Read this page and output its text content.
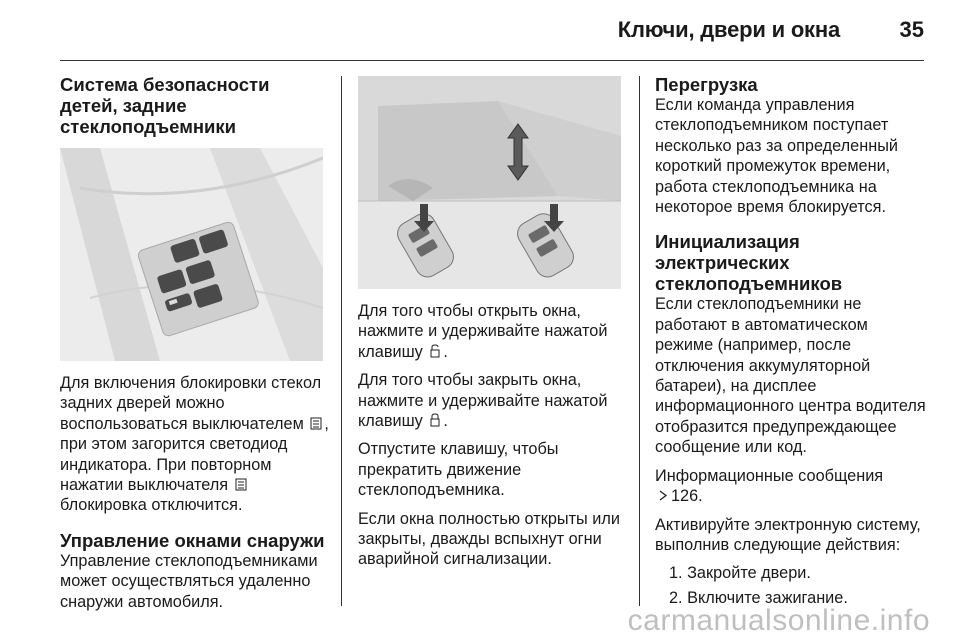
Ключи, двери и окна	35
Система безопасности детей, задние стеклоподъемники

Для включения блокировки стекол задних дверей можно воспользоваться выключателем , при этом загорится светодиод индикатора. При повторном нажатии выключателя  блокировка отключится.

Управление окнами снаружи

Управление стеклоподъемниками может осуществляться удаленно снаружи автомобиля.

Для того чтобы открыть окна, нажмите и удерживайте нажатой клавишу .

Для того чтобы закрыть окна, нажмите и удерживайте нажатой клавишу .

Отпустите клавишу, чтобы прекратить движение стеклоподъемника.

Если окна полностью открыты или закрыты, дважды вспыхнут огни аварийной сигнализации.

Перегрузка

Если команда управления стеклоподъемником поступает несколько раз за определенный короткий промежуток времени, работа стеклоподъемника на некоторое время блокируется.

Инициализация электрических стеклоподъемников

Если стеклоподъемники не работают в автоматическом режиме (например, после отключения аккумуляторной батареи), на дисплее информационного центра водителя отобразится предупреждающее сообщение или код.

Информационные сообщения
126.

Активируйте электронную систему, выполнив следующие действия:

1. Закройте двери.
2. Включите зажигание.
carmanualsonline.info
